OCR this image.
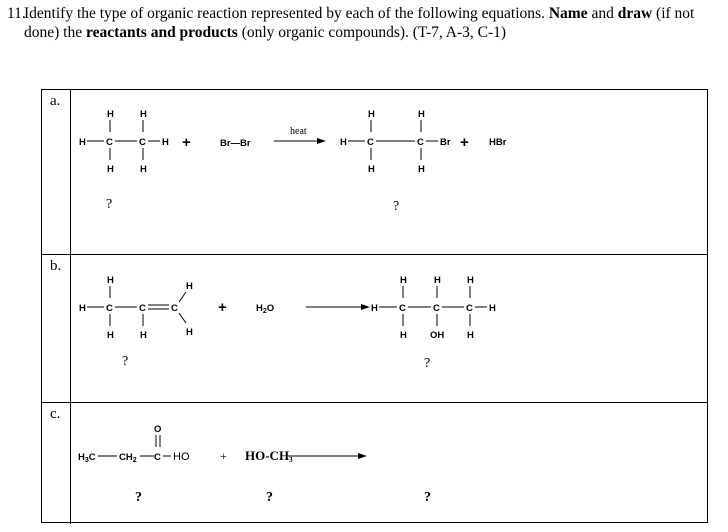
11.
Identify the type of organic reaction represented by each of the following equations. Name and draw (if not done) the reactants and products (only organic compounds). (T-7, A-3, C-1)
a.
H	H
H C	C H
H	H
?
+	Br—Br
heat
H	H
H C	C Br
H	H
+ HBr
?
b.
H
H C	C	C
H
H
H	H
?
+	$H_2O$
H	H	H
H C	C	C H
H OH H
?
c.
O
$H_3C$ $CH_2$ C HO	+ HO-CH3
?	?	?
